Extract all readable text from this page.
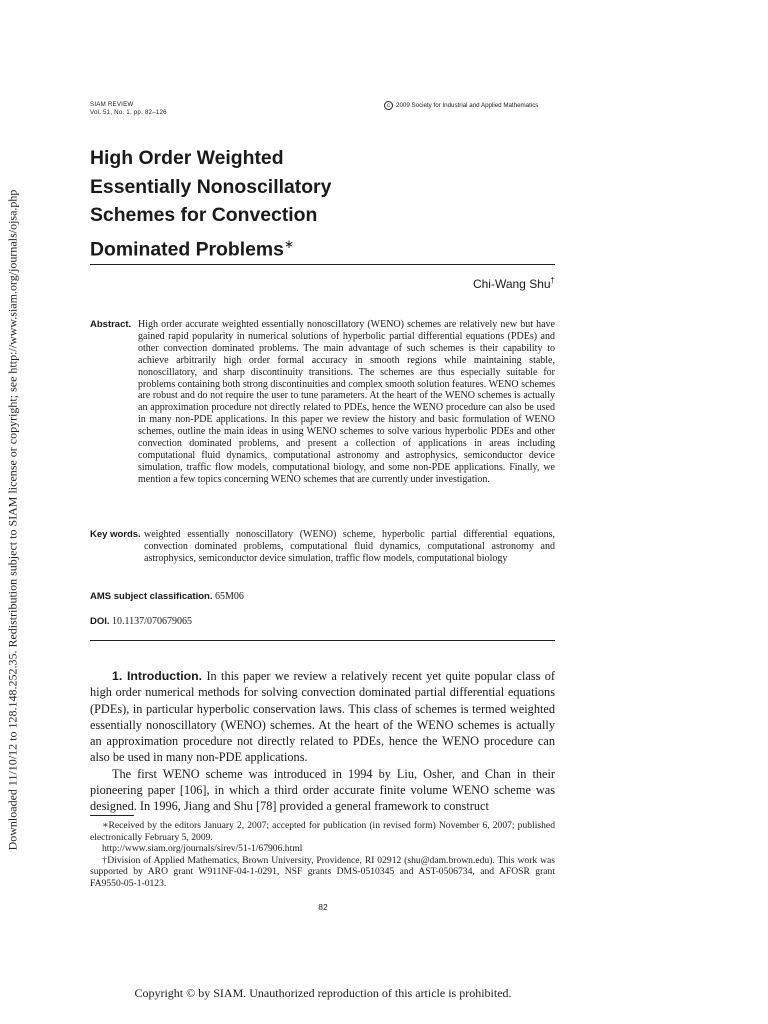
Downloaded 11/10/12 to 128.148.252.35. Redistribution subject to SIAM license or copyright; see http://www.siam.org/journals/ojsa.php
SIAM REVIEW
Vol. 51, No. 1, pp. 82–126
c 2009 Society for Industrial and Applied Mathematics
High Order Weighted
Essentially Nonoscillatory
Schemes for Convection
Dominated Problems∗
Chi-Wang Shu†
Abstract. High order accurate weighted essentially nonoscillatory (WENO) schemes are relatively new but have gained rapid popularity in numerical solutions of hyperbolic partial differential equations (PDEs) and other convection dominated problems. The main advantage of such schemes is their capability to achieve arbitrarily high order formal accuracy in smooth regions while maintaining stable, nonoscillatory, and sharp discontinuity transitions. The schemes are thus especially suitable for problems containing both strong discontinuities and complex smooth solution features. WENO schemes are robust and do not require the user to tune parameters. At the heart of the WENO schemes is actually an approximation procedure not directly related to PDEs, hence the WENO procedure can also be used in many non-PDE applications. In this paper we review the history and basic formulation of WENO schemes, outline the main ideas in using WENO schemes to solve various hyperbolic PDEs and other convection dominated problems, and present a collection of applications in areas including computational fluid dynamics, computational astronomy and astrophysics, semiconductor device simulation, traffic flow models, computational biology, and some non-PDE applications. Finally, we mention a few topics concerning WENO schemes that are currently under investigation.
Key words. weighted essentially nonoscillatory (WENO) scheme, hyperbolic partial differential equations, convection dominated problems, computational fluid dynamics, computational astronomy and astrophysics, semiconductor device simulation, traffic flow models, computational biology
AMS subject classification. 65M06
DOI. 10.1137/070679065

1. Introduction. In this paper we review a relatively recent yet quite popular class of high order numerical methods for solving convection dominated partial differential equations (PDEs), in particular hyperbolic conservation laws. This class of schemes is termed weighted essentially nonoscillatory (WENO) schemes. At the heart of the WENO schemes is actually an approximation procedure not directly related to PDEs, hence the WENO procedure can also be used in many non-PDE applications.

The first WENO scheme was introduced in 1994 by Liu, Osher, and Chan in their pioneering paper [106], in which a third order accurate finite volume WENO scheme was designed. In 1996, Jiang and Shu [78] provided a general framework to construct

∗Received by the editors January 2, 2007; accepted for publication (in revised form) November 6, 2007; published electronically February 5, 2009.

http://www.siam.org/journals/sirev/51-1/67906.html

†Division of Applied Mathematics, Brown University, Providence, RI 02912 (shu@dam.brown.edu). This work was supported by ARO grant W911NF-04-1-0291, NSF grants DMS-0510345 and AST-0506734, and AFOSR grant FA9550-05-1-0123.

82
Copyright © by SIAM. Unauthorized reproduction of this article is prohibited.
